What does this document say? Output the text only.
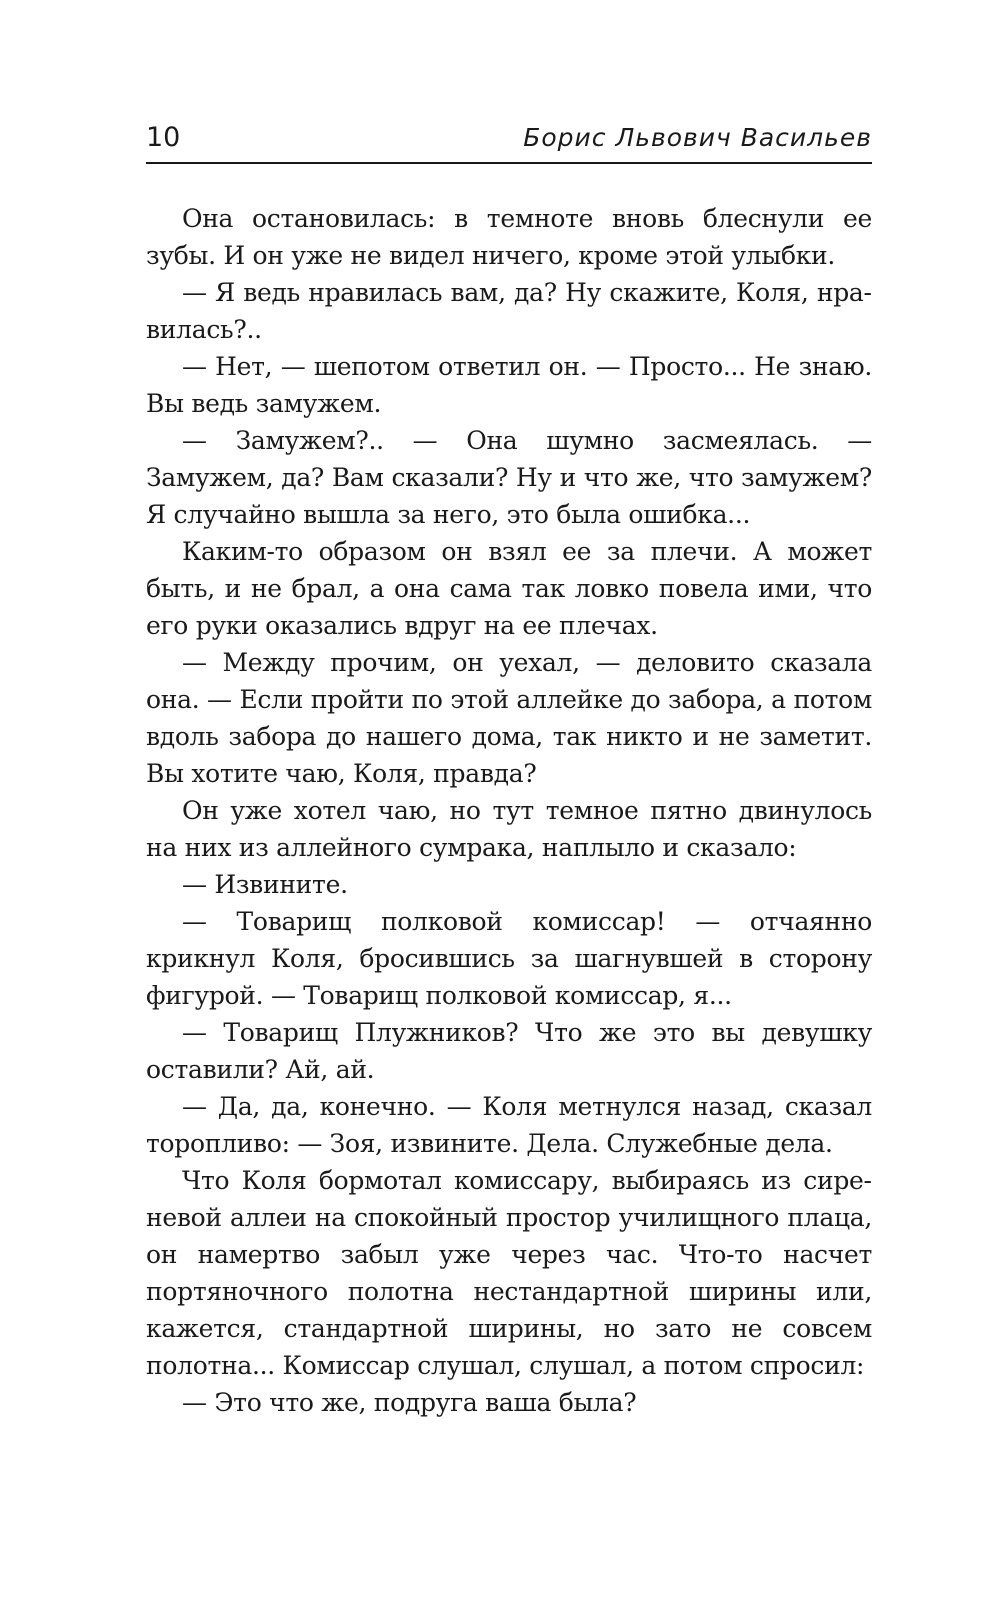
10	Борис Львович Васильев

Она остановилась: в темноте вновь блеснули ее зубы. И он уже не видел ничего, кроме этой улыбки.

— Я ведь нравилась вам, да? Ну скажите, Коля, нравилась?..

— Нет, — шепотом ответил он. — Просто... Не знаю. Вы ведь замужем.

— Замужем?.. — Она шумно засмеялась. — Замужем, да? Вам сказали? Ну и что же, что замужем? Я случайно вышла за него, это была ошибка...

Каким-то образом он взял ее за плечи. А может быть, и не брал, а она сама так ловко повела ими, что его руки оказались вдруг на ее плечах.

— Между прочим, он уехал, — деловито сказала она. — Если пройти по этой аллейке до забора, а потом вдоль забора до нашего дома, так никто и не заметит. Вы хотите чаю, Коля, правда?

Он уже хотел чаю, но тут темное пятно двинулось на них из аллейного сумрака, наплыло и сказало:

— Извините.

— Товарищ полковой комиссар! — отчаянно крикнул Коля, бросившись за шагнувшей в сторону фигурой. — Товарищ полковой комиссар, я...

— Товарищ Плужников? Что же это вы девушку оставили? Ай, ай.

— Да, да, конечно. — Коля метнулся назад, сказал торопливо: — Зоя, извините. Дела. Служебные дела.

Что Коля бормотал комиссару, выбираясь из сиреневой аллеи на спокойный простор училищного плаца, он намертво забыл уже через час. Что-то насчет портяночного полотна нестандартной ширины или, кажется, стандартной ширины, но зато не совсем полотна... Комиссар слушал, слушал, а потом спросил:

— Это что же, подруга ваша была?
